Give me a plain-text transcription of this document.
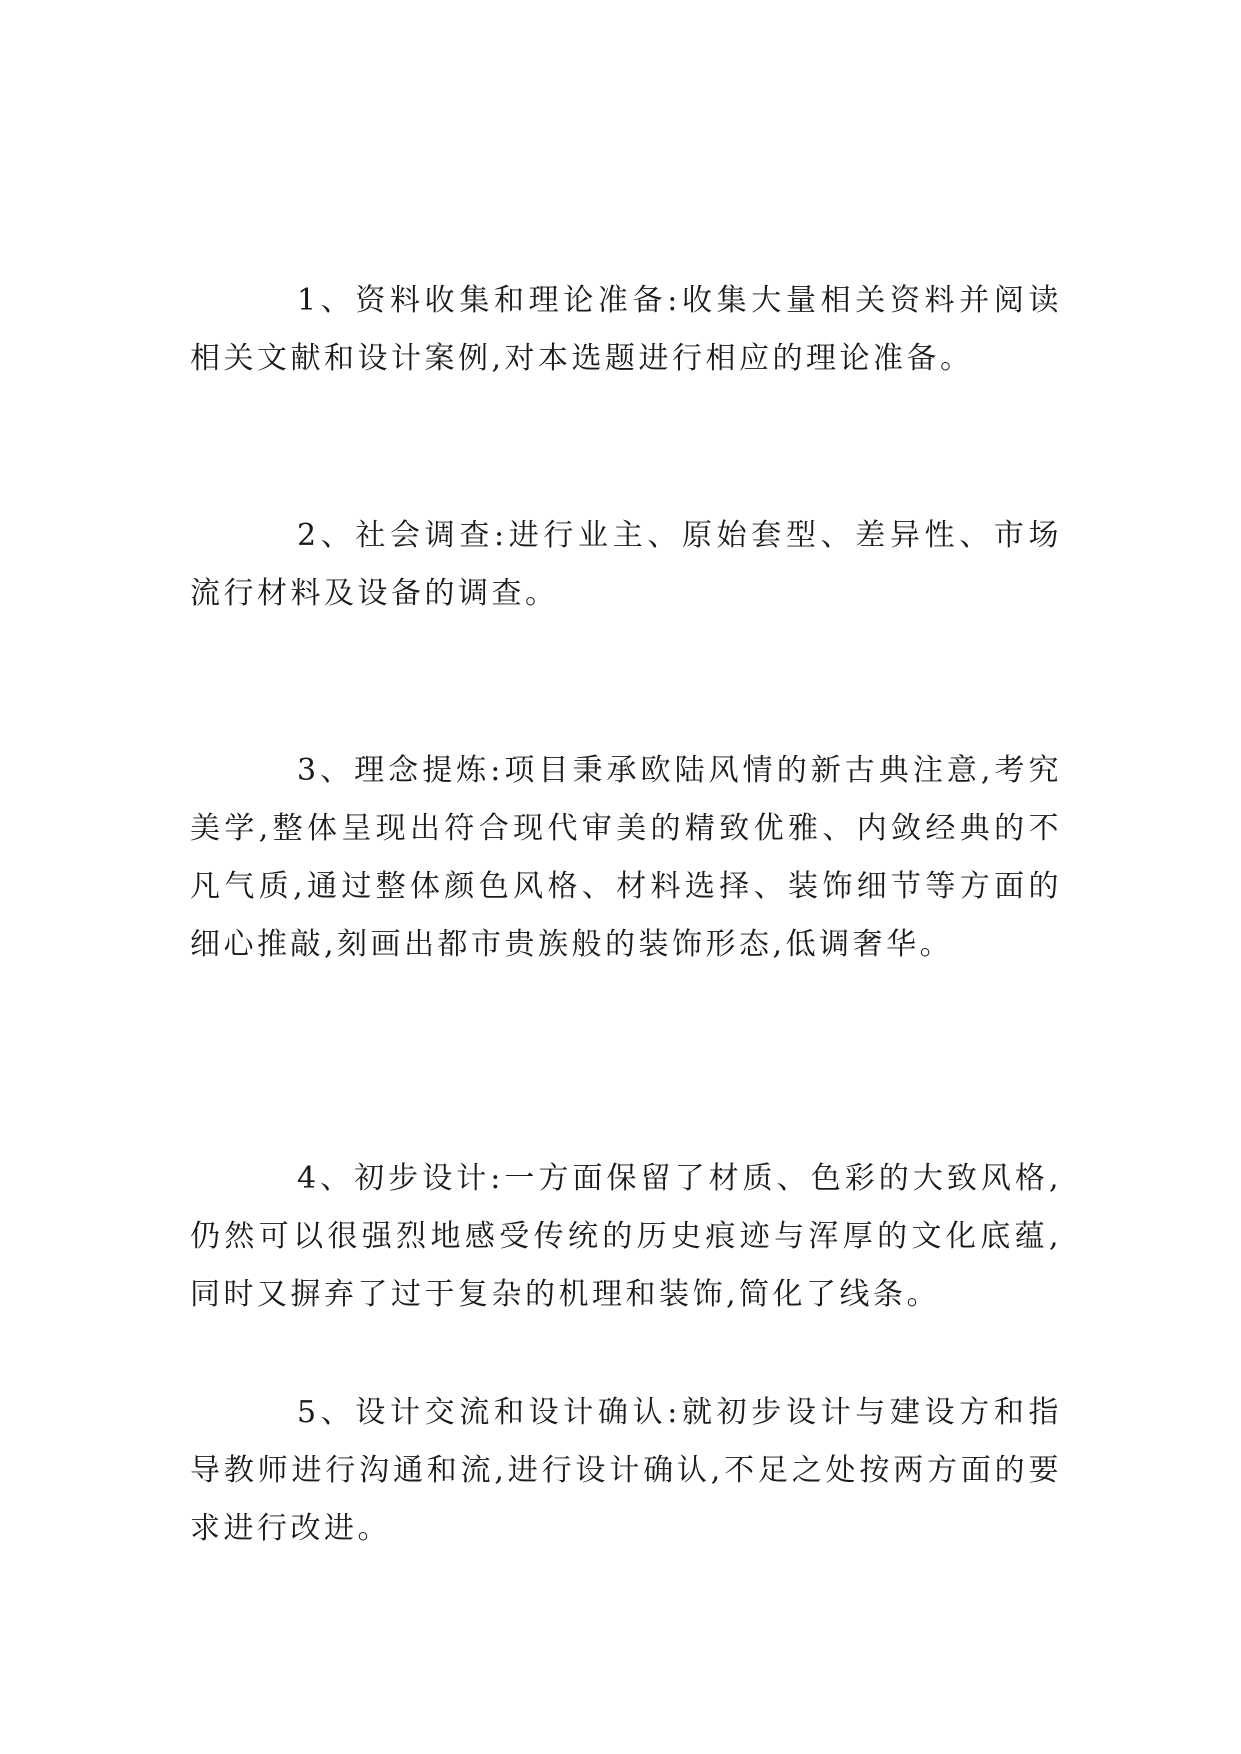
1、资料收集和理论准备:收集大量相关资料并阅读相关文献和设计案例,对本选题进行相应的理论准备。

2、社会调查:进行业主、原始套型、差异性、市场流行材料及设备的调查。

3、理念提炼:项目秉承欧陆风情的新古典注意,考究美学,整体呈现出符合现代审美的精致优雅、内敛经典的不凡气质,通过整体颜色风格、材料选择、装饰细节等方面的细心推敲,刻画出都市贵族般的装饰形态,低调奢华。

4、初步设计:一方面保留了材质、色彩的大致风格,仍然可以很强烈地感受传统的历史痕迹与浑厚的文化底蕴,同时又摒弃了过于复杂的机理和装饰,简化了线条。

5、设计交流和设计确认:就初步设计与建设方和指导教师进行沟通和流,进行设计确认,不足之处按两方面的要求进行改进。
